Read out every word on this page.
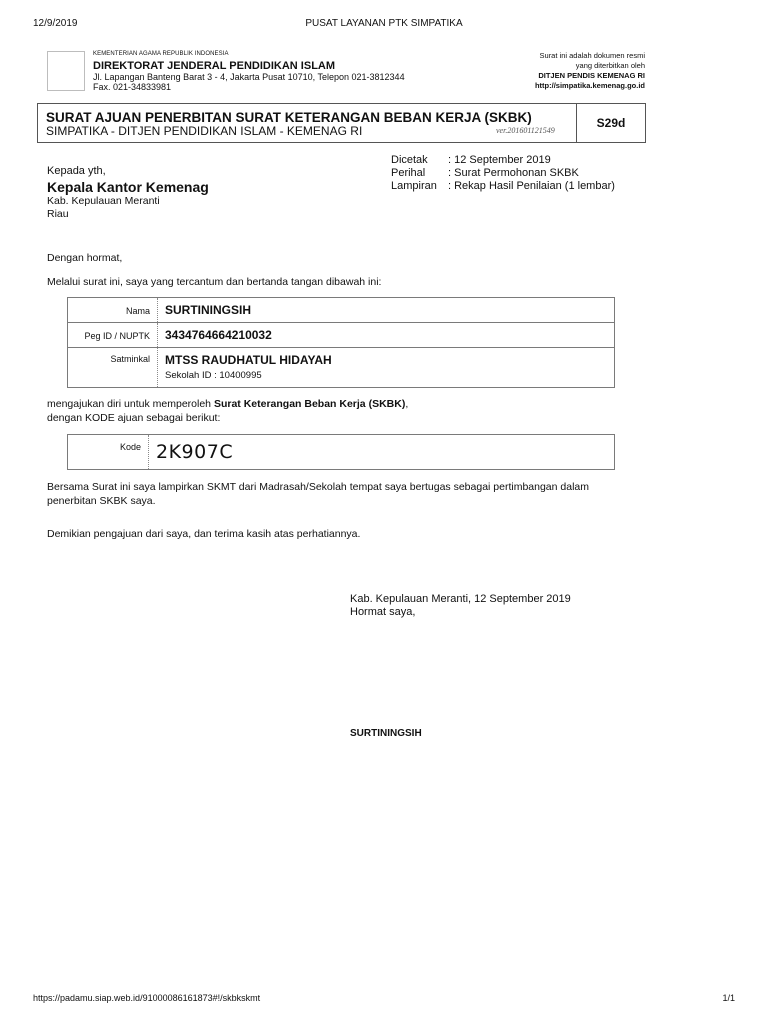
12/9/2019	PUSAT LAYANAN PTK SIMPATIKA
KEMENTERIAN AGAMA REPUBLIK INDONESIA
DIREKTORAT JENDERAL PENDIDIKAN ISLAM
Jl. Lapangan Banteng Barat 3 - 4, Jakarta Pusat 10710, Telepon 021-3812344
Fax. 021-34833981
Surat ini adalah dokumen resmi
yang diterbitkan oleh
DITJEN PENDIS KEMENAG RI
http://simpatika.kemenag.go.id
SURAT AJUAN PENERBITAN SURAT KETERANGAN BEBAN KERJA (SKBK)
SIMPATIKA - DITJEN PENDIDIKAN ISLAM - KEMENAG RI	ver.201601121549
S29d
Kepada yth,
Kepala Kantor Kemenag
Kab. Kepulauan Meranti
Riau
Dicetak	: 12 September 2019
Perihal	: Surat Permohonan SKBK
Lampiran	: Rekap Hasil Penilaian (1 lembar)
Dengan hormat,
Melalui surat ini, saya yang tercantum dan bertanda tangan dibawah ini:
Nama	SURTININGSIH
Peg ID / NUPTK	3434764664210032
Satminkal	MTSS RAUDHATUL HIDAYAH
Sekolah ID : 10400995
mengajukan diri untuk memperoleh Surat Keterangan Beban Kerja (SKBK),
dengan KODE ajuan sebagai berikut:
Kode 2K907C
Bersama Surat ini saya lampirkan SKMT dari Madrasah/Sekolah tempat saya bertugas sebagai pertimbangan dalam
penerbitan SKBK saya.
Demikian pengajuan dari saya, dan terima kasih atas perhatiannya.
Kab. Kepulauan Meranti, 12 September 2019
Hormat saya,
SURTININGSIH
https://padamu.siap.web.id/91000086161873#!/skbkskmt	1/1
